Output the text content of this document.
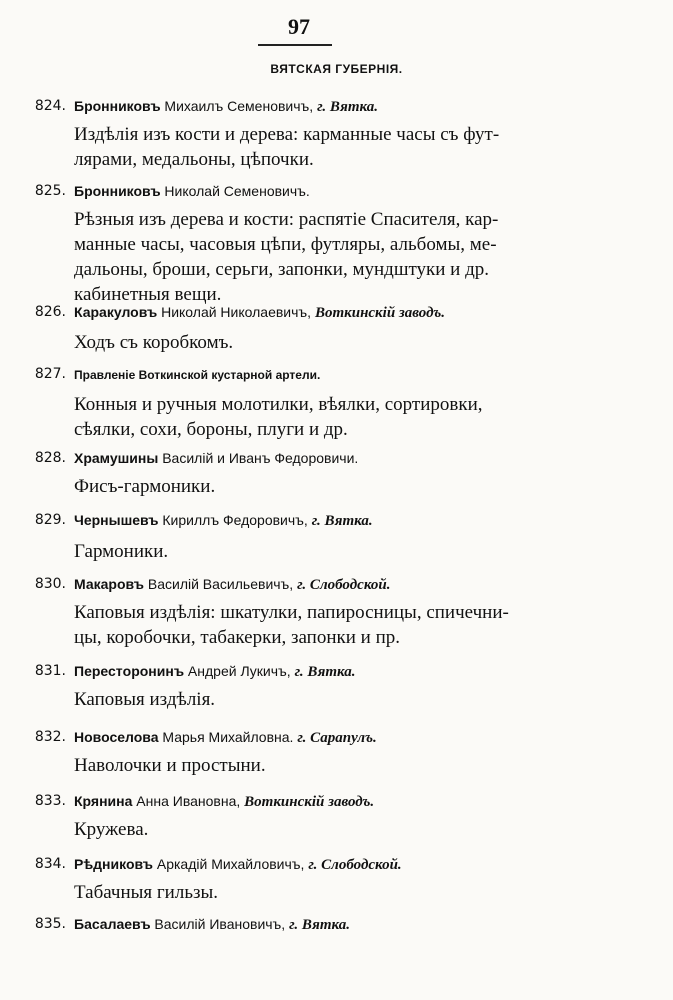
97
ВЯТСКАЯ ГУБЕРНIЯ.
824. Бронниковъ Михаилъ Семеновичъ, г. Вятка.
Издѣлiя изъ кости и дерева: карманные часы съ фут-
лярами, медальоны, цѣпочки.
825. Бронниковъ Николай Семеновичъ.
Рѣзныя изъ дерева и кости: распятiе Спасителя, кар-
манные часы, часовыя цѣпи, футляры, альбомы, ме-
дальоны, броши, серьги, запонки, мундштуки и др.
кабинетныя вещи.
826. Каракуловъ Николай Николаевичъ, Воткинскiй заводъ.
Ходъ съ коробкомъ.
827. Правленiе Воткинской кустарной артели.
Конныя и ручныя молотилки, вѣялки, сортировки,
сѣялки, сохи, бороны, плуги и др.
828. Храмушины Василiй и Иванъ Федоровичи.
Фисъ-гармоники.
829. Чернышевъ Кириллъ Федоровичъ, г. Вятка.
Гармоники.
830. Макаровъ Василiй Васильевичъ, г. Слободской.
Каповыя издѣлiя: шкатулки, папиросницы, спичечни-
цы, коробочки, табакерки, запонки и пр.
831. Перестoронинъ Андрей Лукичъ, г. Вятка.
Каповыя издѣлiя.
832. Новоселова Марья Михайловна. г. Сарапулъ.
Наволочки и простыни.
833. Крянина Анна Ивановна, Воткинскiй заводъ.
Кружева.
834. Рѣдниковъ Аркадiй Михайловичъ, г. Слободской.
Табачныя гильзы.
835. Басалаевъ Василiй Ивановичъ, г. Вятка.
